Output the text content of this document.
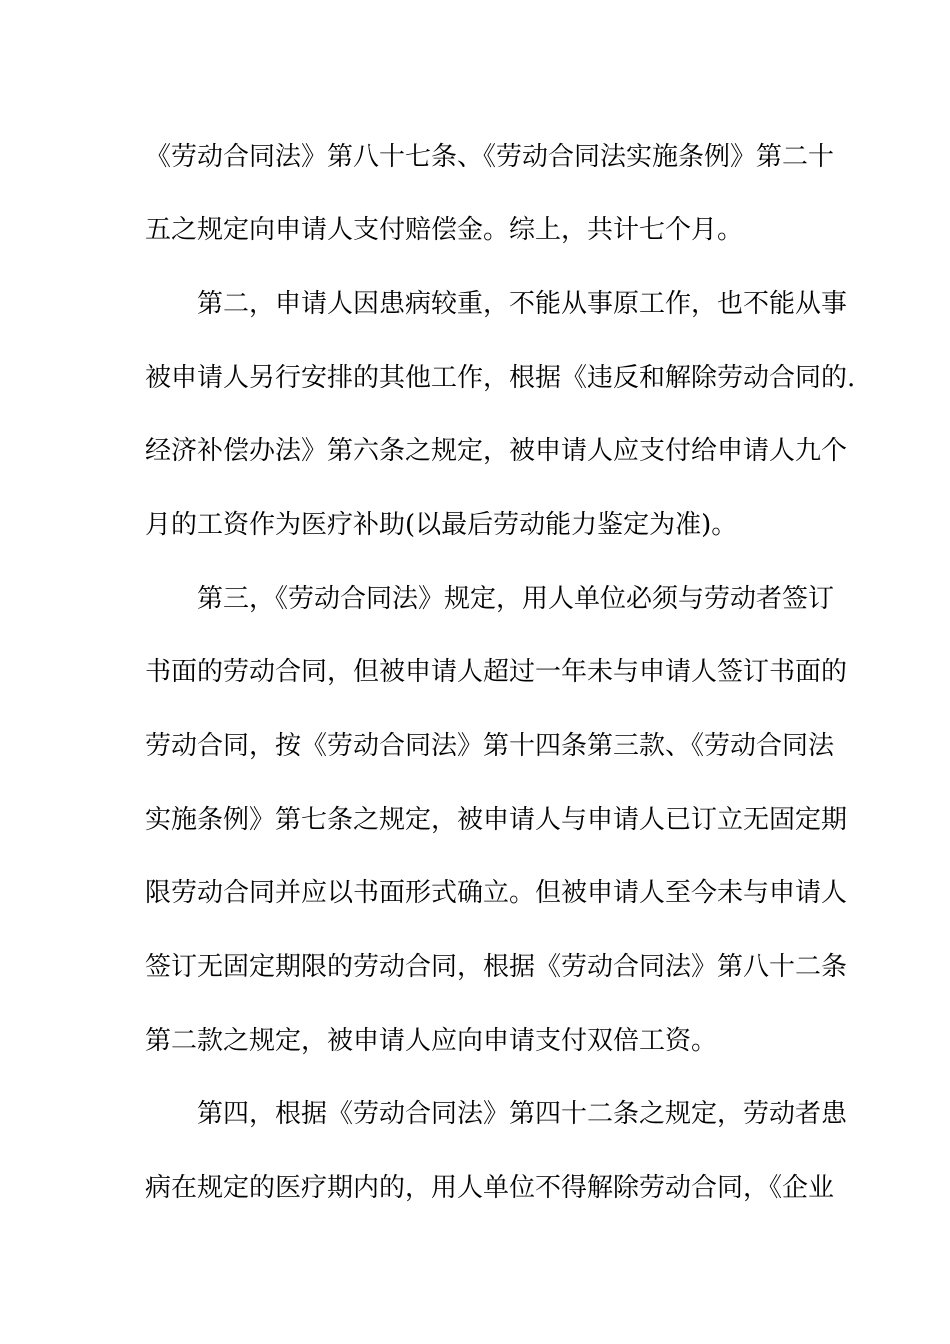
《劳动合同法》第八十七条、《劳动合同法实施条例》第二十
五之规定向申请人支付赔偿金。综上，共计七个月。
第二，申请人因患病较重，不能从事原工作，也不能从事
被申请人另行安排的其他工作，根据《违反和解除劳动合同的.
经济补偿办法》第六条之规定，被申请人应支付给申请人九个
月的工资作为医疗补助(以最后劳动能力鉴定为准)。
第三，《劳动合同法》规定，用人单位必须与劳动者签订
书面的劳动合同，但被申请人超过一年未与申请人签订书面的
劳动合同，按《劳动合同法》第十四条第三款、《劳动合同法
实施条例》第七条之规定，被申请人与申请人已订立无固定期
限劳动合同并应以书面形式确立。但被申请人至今未与申请人
签订无固定期限的劳动合同，根据《劳动合同法》第八十二条
第二款之规定，被申请人应向申请支付双倍工资。
第四，根据《劳动合同法》第四十二条之规定，劳动者患
病在规定的医疗期内的，用人单位不得解除劳动合同，《企业
